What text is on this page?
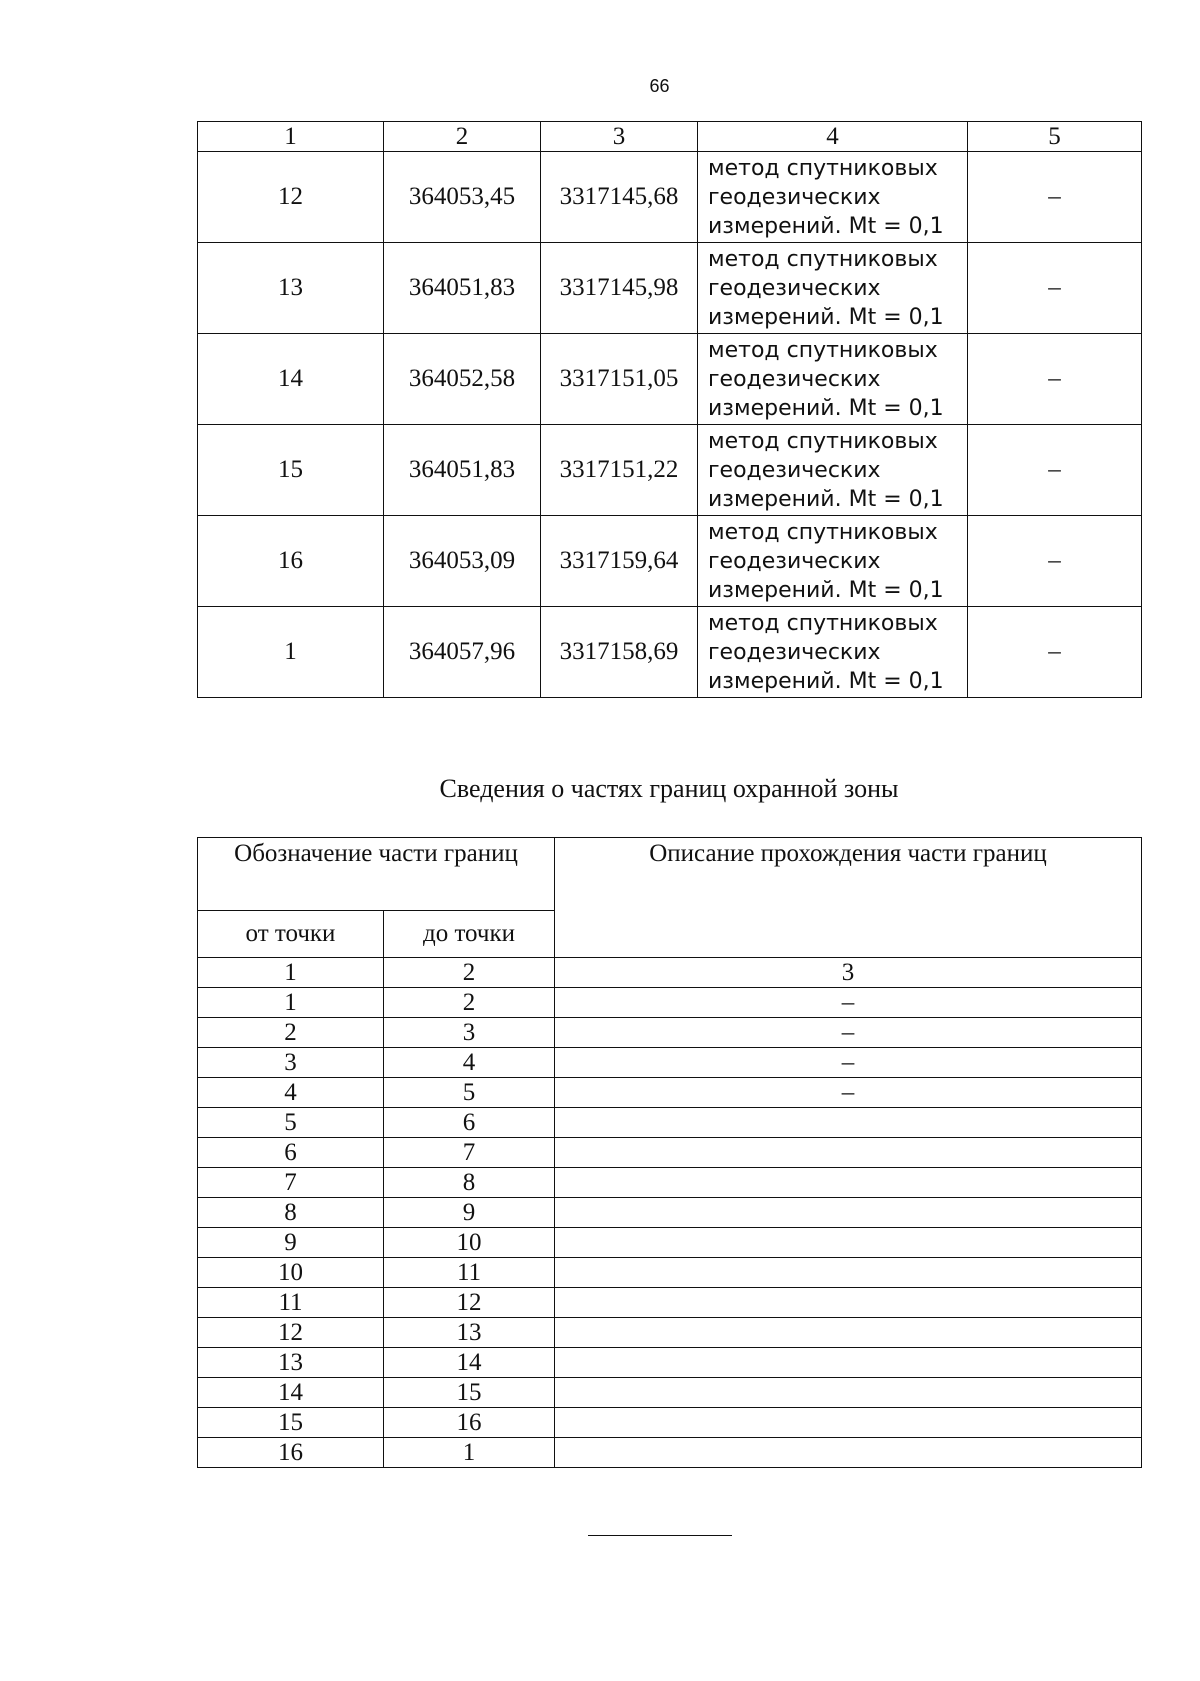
66
1	2	3	4	5
12	364053,45	3317145,68	метод спутниковых
геодезических
измерений. Mt = 0,1	–
13	364051,83	3317145,98	метод спутниковых
геодезических
измерений. Mt = 0,1	–
14	364052,58	3317151,05	метод спутниковых
геодезических
измерений. Mt = 0,1	–
15	364051,83	3317151,22	метод спутниковых
геодезических
измерений. Mt = 0,1	–
16	364053,09	3317159,64	метод спутниковых
геодезических
измерений. Mt = 0,1	–
1	364057,96	3317158,69	метод спутниковых
геодезических
измерений. Mt = 0,1	–
Сведения о частях границ охранной зоны
Обозначение части границ		Описание прохождения части границ
от точки	до точки	
1	2	3
1	2	–
2	3	–
3	4	–
4	5	–
5	6	
6	7	
7	8	
8	9	
9	10	
10	11	
11	12	
12	13	
13	14	
14	15	
15	16	
16	1	
